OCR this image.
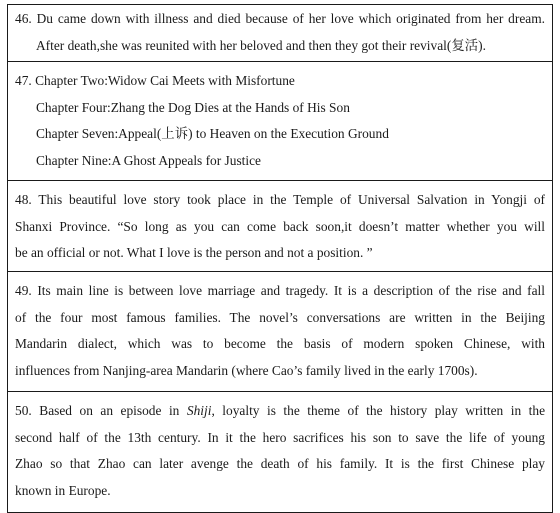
46. Du came down with illness and died because of her love which originated from her dream.
After death,she was reunited with her beloved and then they got their revival(复活).
47. Chapter Two:Widow Cai Meets with Misfortune
Chapter Four:Zhang the Dog Dies at the Hands of His Son
Chapter Seven:Appeal(上诉) to Heaven on the Execution Ground
Chapter Nine:A Ghost Appeals for Justice
48. This beautiful love story took place in the Temple of Universal Salvation in Yongji of
Shanxi Province. “So long as you can come back soon,it doesn’t matter whether you will
be an official or not. What I love is the person and not a position. ”
49. Its main line is between love marriage and tragedy. It is a description of the rise and fall
of the four most famous families. The novel’s conversations are written in the Beijing
Mandarin dialect, which was to become the basis of modern spoken Chinese, with
influences from Nanjing-area Mandarin (where Cao’s family lived in the early 1700s).
50. Based on an episode in Shiji, loyalty is the theme of the history play written in the
second half of the 13th century. In it the hero sacrifices his son to save the life of young
Zhao so that Zhao can later avenge the death of his family. It is the first Chinese play
known in Europe.
